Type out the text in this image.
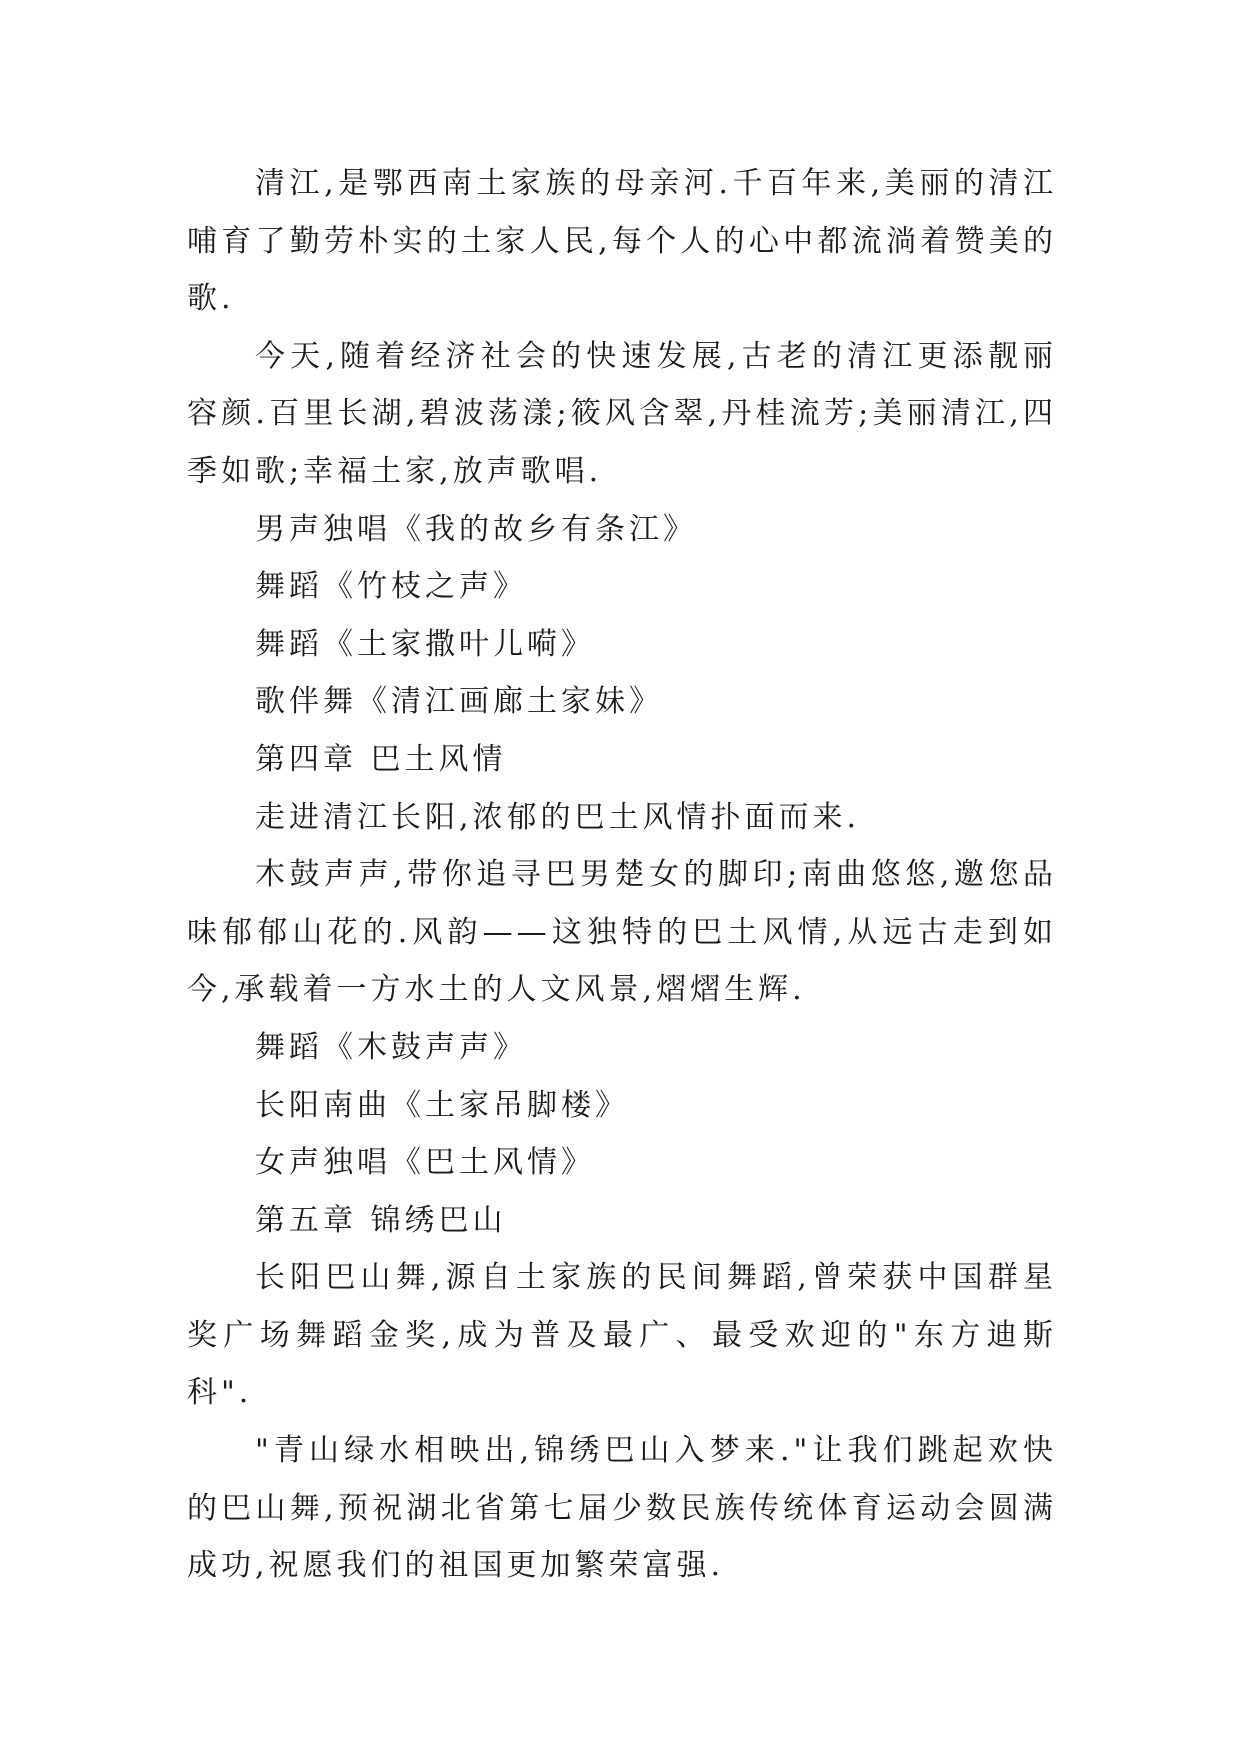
清江,是鄂西南土家族的母亲河.千百年来,美丽的清江哺育了勤劳朴实的土家人民,每个人的心中都流淌着赞美的歌.

今天,随着经济社会的快速发展,古老的清江更添靓丽容颜.百里长湖,碧波荡漾;筱风含翠,丹桂流芳;美丽清江,四季如歌;幸福土家,放声歌唱.

男声独唱《我的故乡有条江》

舞蹈《竹枝之声》

舞蹈《土家撒叶儿嗬》

歌伴舞《清江画廊土家妹》

第四章 巴土风情

走进清江长阳,浓郁的巴土风情扑面而来.

木鼓声声,带你追寻巴男楚女的脚印;南曲悠悠,邀您品味郁郁山花的.风韵——这独特的巴土风情,从远古走到如今,承载着一方水土的人文风景,熠熠生辉.

舞蹈《木鼓声声》

长阳南曲《土家吊脚楼》

女声独唱《巴土风情》

第五章 锦绣巴山

长阳巴山舞,源自土家族的民间舞蹈,曾荣获中国群星奖广场舞蹈金奖,成为普及最广、最受欢迎的"东方迪斯科".

"青山绿水相映出,锦绣巴山入梦来."让我们跳起欢快的巴山舞,预祝湖北省第七届少数民族传统体育运动会圆满成功,祝愿我们的祖国更加繁荣富强.
